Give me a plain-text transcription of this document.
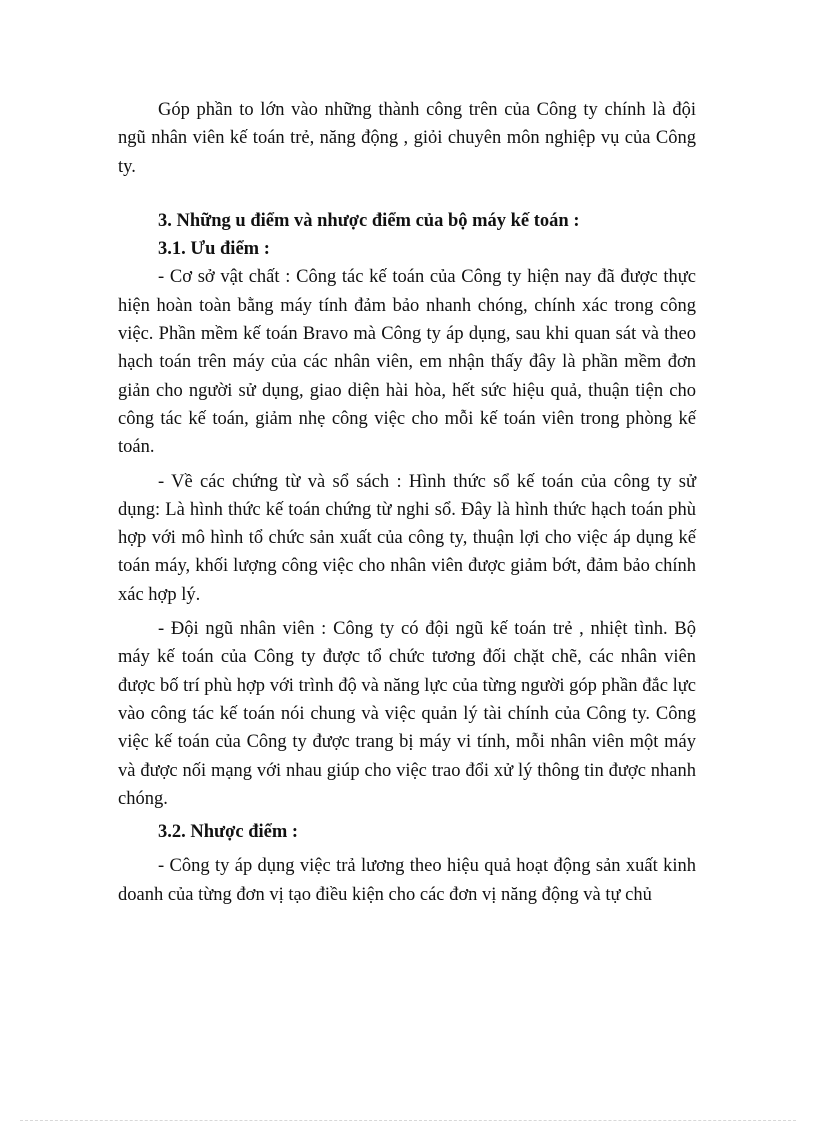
Góp phần to lớn vào những thành công trên của Công ty chính là đội ngũ nhân viên kế toán trẻ, năng động , giỏi chuyên môn nghiệp vụ của Công ty.

3. Những u điểm và nhược điểm của bộ máy kế toán :

3.1. Ưu điểm :

- Cơ sở vật chất : Công tác kế toán của Công ty hiện nay đã được thực hiện hoàn toàn bằng máy tính đảm bảo nhanh chóng, chính xác trong công việc. Phần mềm kế toán Bravo mà Công ty áp dụng, sau khi quan sát và theo hạch toán trên máy của các nhân viên, em nhận thấy đây là phần mềm đơn giản cho người sử dụng, giao diện hài hòa, hết sức hiệu quả, thuận tiện cho công tác kế toán, giảm nhẹ công việc cho mỗi kế toán viên trong phòng kế toán.

- Về các chứng từ và sổ sách : Hình thức sổ kế toán của công ty sử dụng: Là hình thức kế toán chứng từ nghi sổ. Đây là hình thức hạch toán phù hợp với mô hình tổ chức sản xuất của công ty, thuận lợi cho việc áp dụng kế toán máy, khối lượng công việc cho nhân viên được giảm bớt, đảm bảo chính xác hợp lý.

- Đội ngũ nhân viên : Công ty có đội ngũ kế toán trẻ , nhiệt tình. Bộ máy kế toán của Công ty được tổ chức tương đối chặt chẽ, các nhân viên được bố trí phù hợp với trình độ và năng lực của từng người góp phần đắc lực vào công tác kế toán nói chung và việc quản lý tài chính của Công ty. Công việc kế toán của Công ty được trang bị máy vi tính, mỗi nhân viên một máy và được nối mạng với nhau giúp cho việc trao đổi xử lý thông tin được nhanh chóng.

3.2. Nhược điểm :

- Công ty áp dụng việc trả lương theo hiệu quả hoạt động sản xuất kinh doanh của từng đơn vị tạo điều kiện cho các đơn vị năng động và tự chủ
